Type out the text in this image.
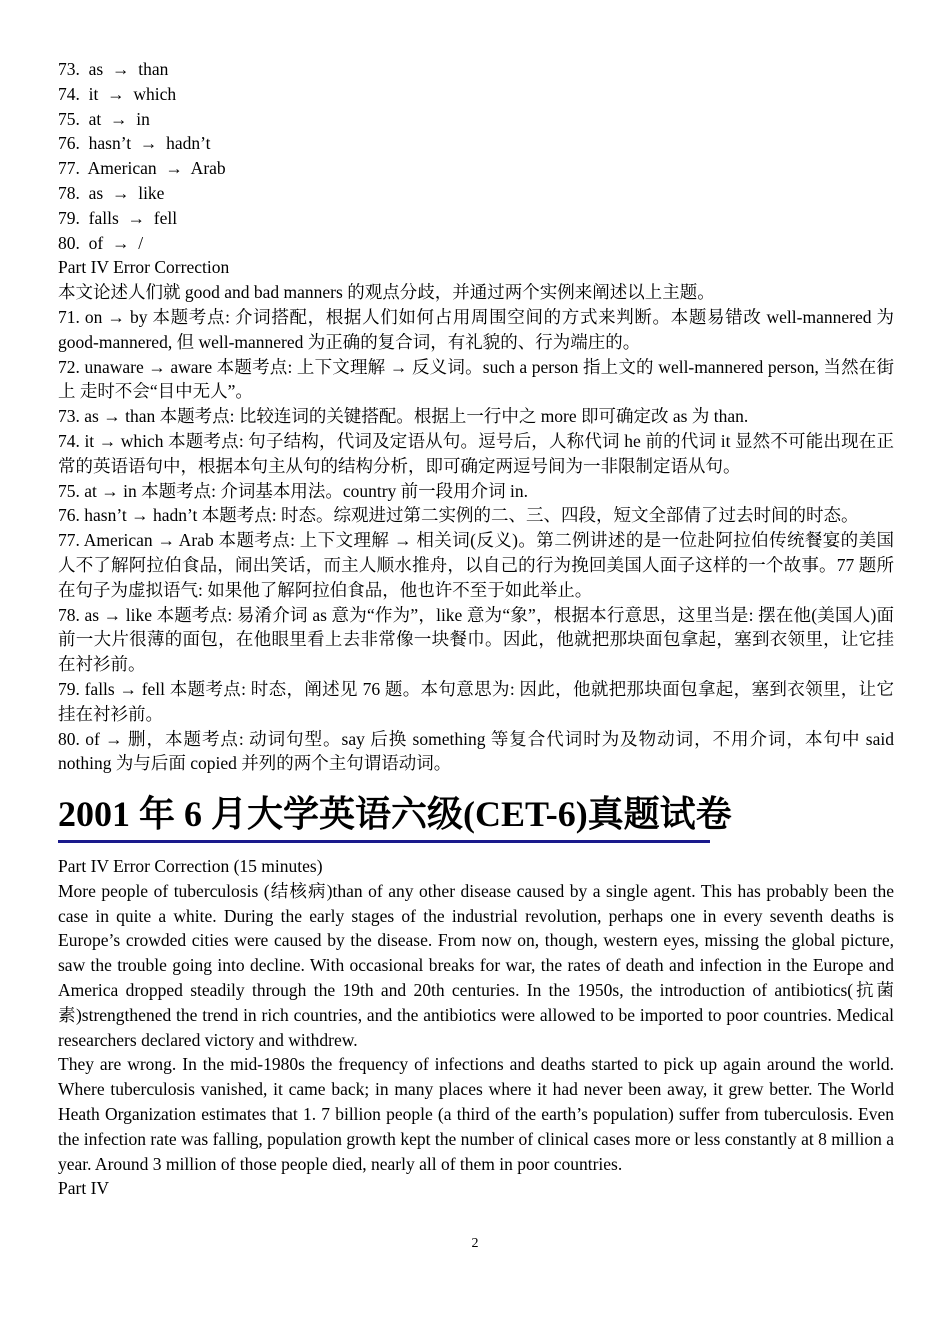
73.  as  →  than

74.  it  →  which

75.  at  →  in

76.  hasn’t  →  hadn’t

77.  American  →  Arab

78.  as  →  like

79.  falls  →  fell

80.  of  →  /

Part IV Error Correction

本文论述人们就 good and bad manners 的观点分歧，并通过两个实例来阐述以上主题。

71. on → by 本题考点: 介词搭配，根据人们如何占用周围空间的方式来判断。本题易错改 well-mannered 为 good-mannered, 但 well-mannered 为正确的复合词，有礼貌的、行为端庄的。

72. unaware → aware 本题考点: 上下文理解 → 反义词。such a person 指上文的 well-mannered person, 当然在街上 走时不会“目中无人”。

73. as → than 本题考点: 比较连词的关键搭配。根据上一行中之 more 即可确定改 as 为 than.

74. it → which 本题考点: 句子结构，代词及定语从句。逗号后，人称代词 he 前的代词 it 显然不可能出现在正常的英语语句中，根据本句主从句的结构分析，即可确定两逗号间为一非限制定语从句。

75. at → in 本题考点: 介词基本用法。country 前一段用介词 in.

76. hasn’t → hadn’t 本题考点: 时态。综观进过第二实例的二、三、四段，短文全部倩了过去时间的时态。

77. American → Arab 本题考点: 上下文理解 → 相关词(反义)。第二例讲述的是一位赴阿拉伯传统餐宴的美国人不了解阿拉伯食品，闹出笑话，而主人顺水推舟，以自己的行为挽回美国人面子这样的一个故事。77 题所在句子为虚拟语气: 如果他了解阿拉伯食品，他也许不至于如此举止。

78. as → like 本题考点: 易淆介词 as 意为“作为”，like 意为“象”，根据本行意思，这里当是: 摆在他(美国人)面前一大片很薄的面包，在他眼里看上去非常像一块餐巾。因此，他就把那块面包拿起，塞到衣领里，让它挂在衬衫前。

79. falls → fell 本题考点: 时态，阐述见 76 题。本句意思为: 因此，他就把那块面包拿起，塞到衣领里，让它挂在衬衫前。

80. of → 删，本题考点: 动词句型。say 后换 something 等复合代词时为及物动词，不用介词，本句中 said nothing 为与后面 copied 并列的两个主句谓语动词。

2001 年 6 月大学英语六级(CET-6)真题试卷

Part IV Error Correction (15 minutes)

More people of tuberculosis (结核病)than of any other disease caused by a single agent. This has probably been the case in quite a white. During the early stages of the industrial revolution, perhaps one in every seventh deaths is Europe’s crowded cities were caused by the disease. From now on, though, western eyes, missing the global picture, saw the trouble going into decline. With occasional breaks for war, the rates of death and infection in the Europe and America dropped steadily through the 19th and 20th centuries. In the 1950s, the introduction of antibiotics(抗菌素)strengthened the trend in rich countries, and the antibiotics were allowed to be imported to poor countries. Medical researchers declared victory and withdrew.

They are wrong. In the mid-1980s the frequency of infections and deaths started to pick up again around the world. Where tuberculosis vanished, it came back; in many places where it had never been away, it grew better. The World Heath Organization estimates that 1. 7 billion people (a third of the earth’s population) suffer from tuberculosis. Even the infection rate was falling, population growth kept the number of clinical cases more or less constantly at 8 million a year. Around 3 million of those people died, nearly all of them in poor countries.

Part IV

2
